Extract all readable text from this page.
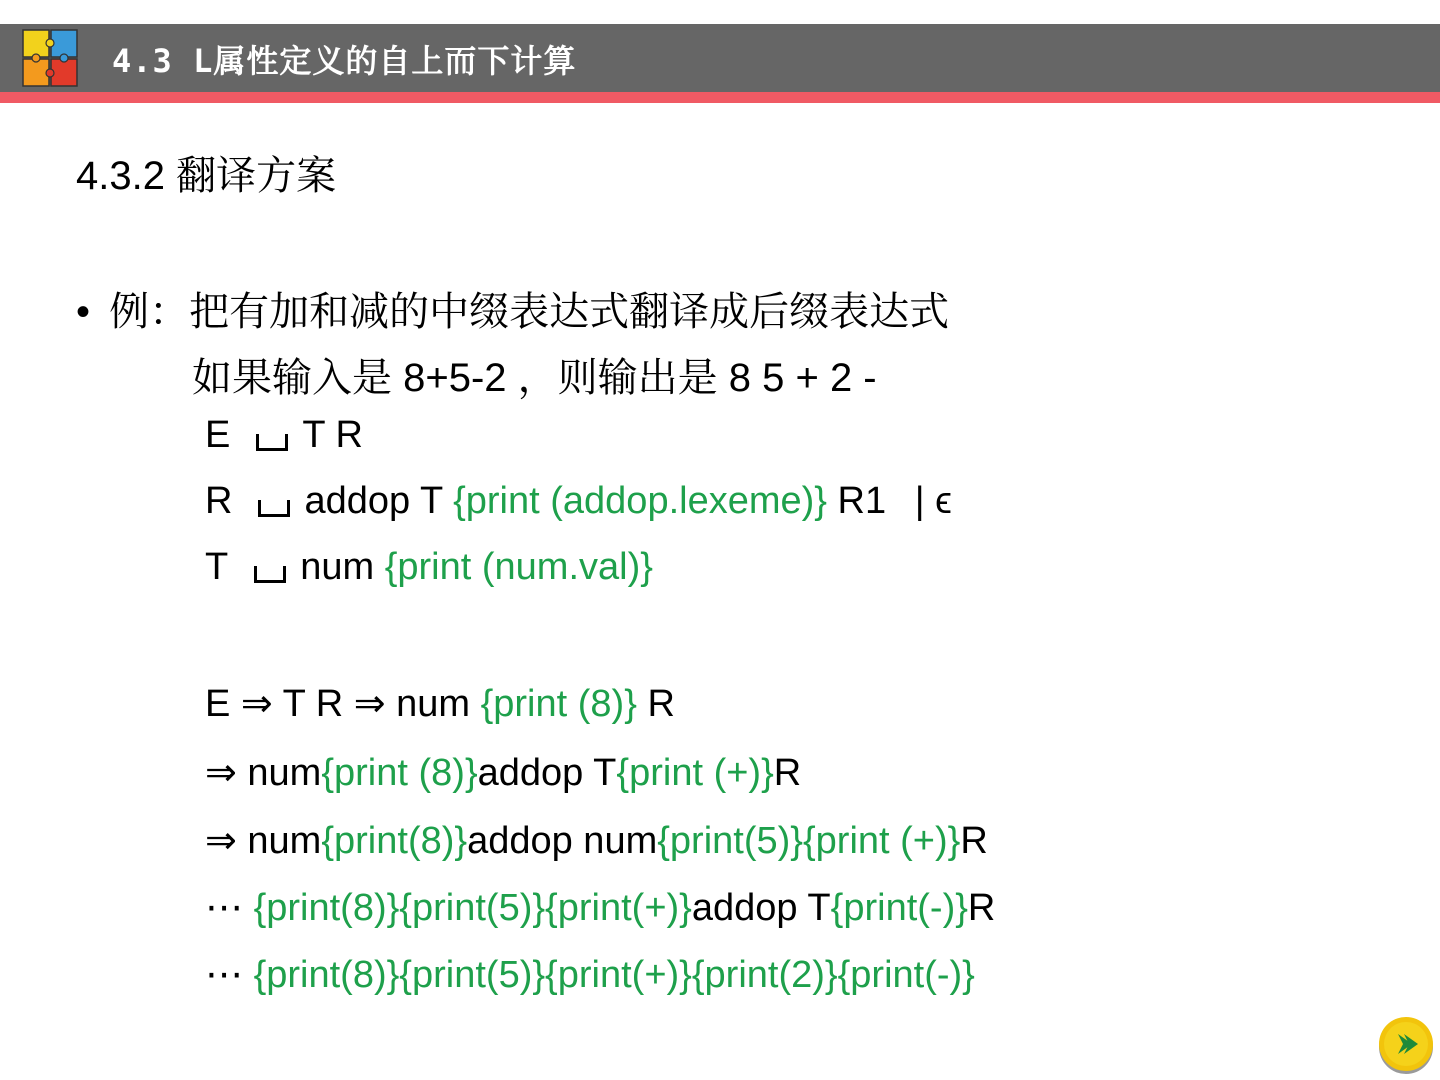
4.3 L属性定义的自上而下计算
4.3.2 翻译方案
• 例：把有加和减的中缀表达式翻译成后缀表达式
如果输入是 8+5-2 ，则输出是 8 5 + 2 -
E T R
R addop T {print (addop.lexeme)} R1 | ϵ
T num {print (num.val)}
E ⇒ T R ⇒ num {print (8)} R
⇒ num{print (8)}addop T{print (+)}R
⇒ num{print(8)}addop num{print(5)}{print (+)}R
⋯ {print(8)}{print(5)}{print(+)}addop T{print(-)}R
⋯ {print(8)}{print(5)}{print(+)}{print(2)}{print(-)}
